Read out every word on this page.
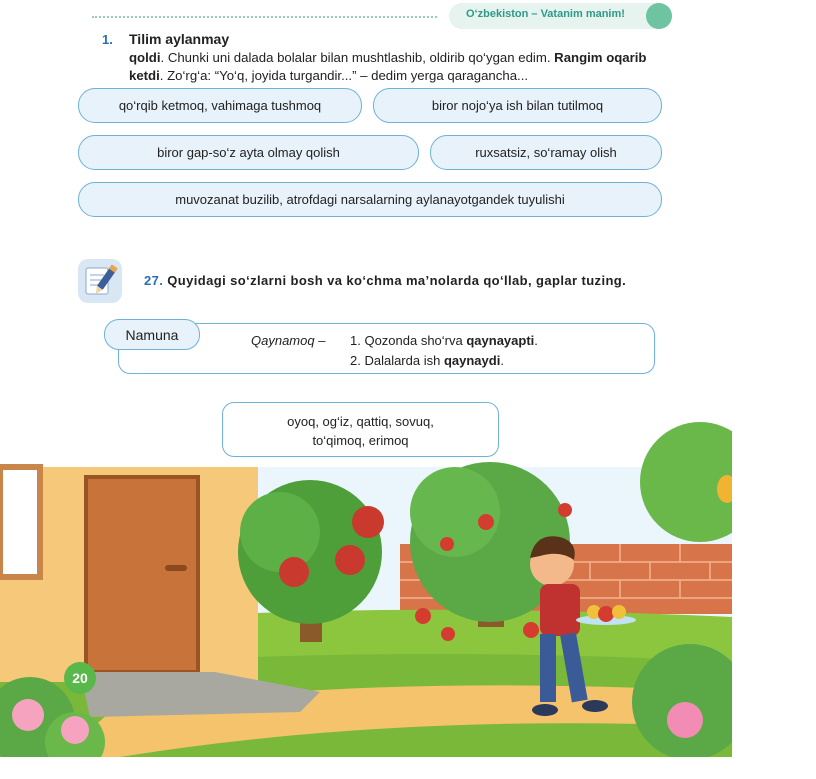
O‘zbekiston – Vatanim manim!
1. Tilim aylanmay
qoldi. Chunki uni dalada bolalar bilan mushtlashib, oldirib qo‘ygan edim. Rangim oqarib ketdi. Zo‘rg‘a: “Yo‘q, joyida turgandir...” – dedim yerga qaragancha...
qo‘rqib ketmoq, vahimaga tushmoq	biror nojo‘ya ish bilan tutilmoq
biror gap-so‘z ayta olmay qolish	ruxsatsiz, so‘ramay olish
muvozanat buzilib, atrofdagi narsalarning aylanayotgandek tuyulishi
27. Quyidagi so‘zlarni bosh va ko‘chma ma’nolarda qo‘llab, gaplar tuzing.
Namuna	Qaynamoq – 1. Qozonda sho‘rva qaynayapti.
2. Dalalarda ish qaynaydi.
oyoq, og‘iz, qattiq, sovuq,
to‘qimoq, erimoq
20
